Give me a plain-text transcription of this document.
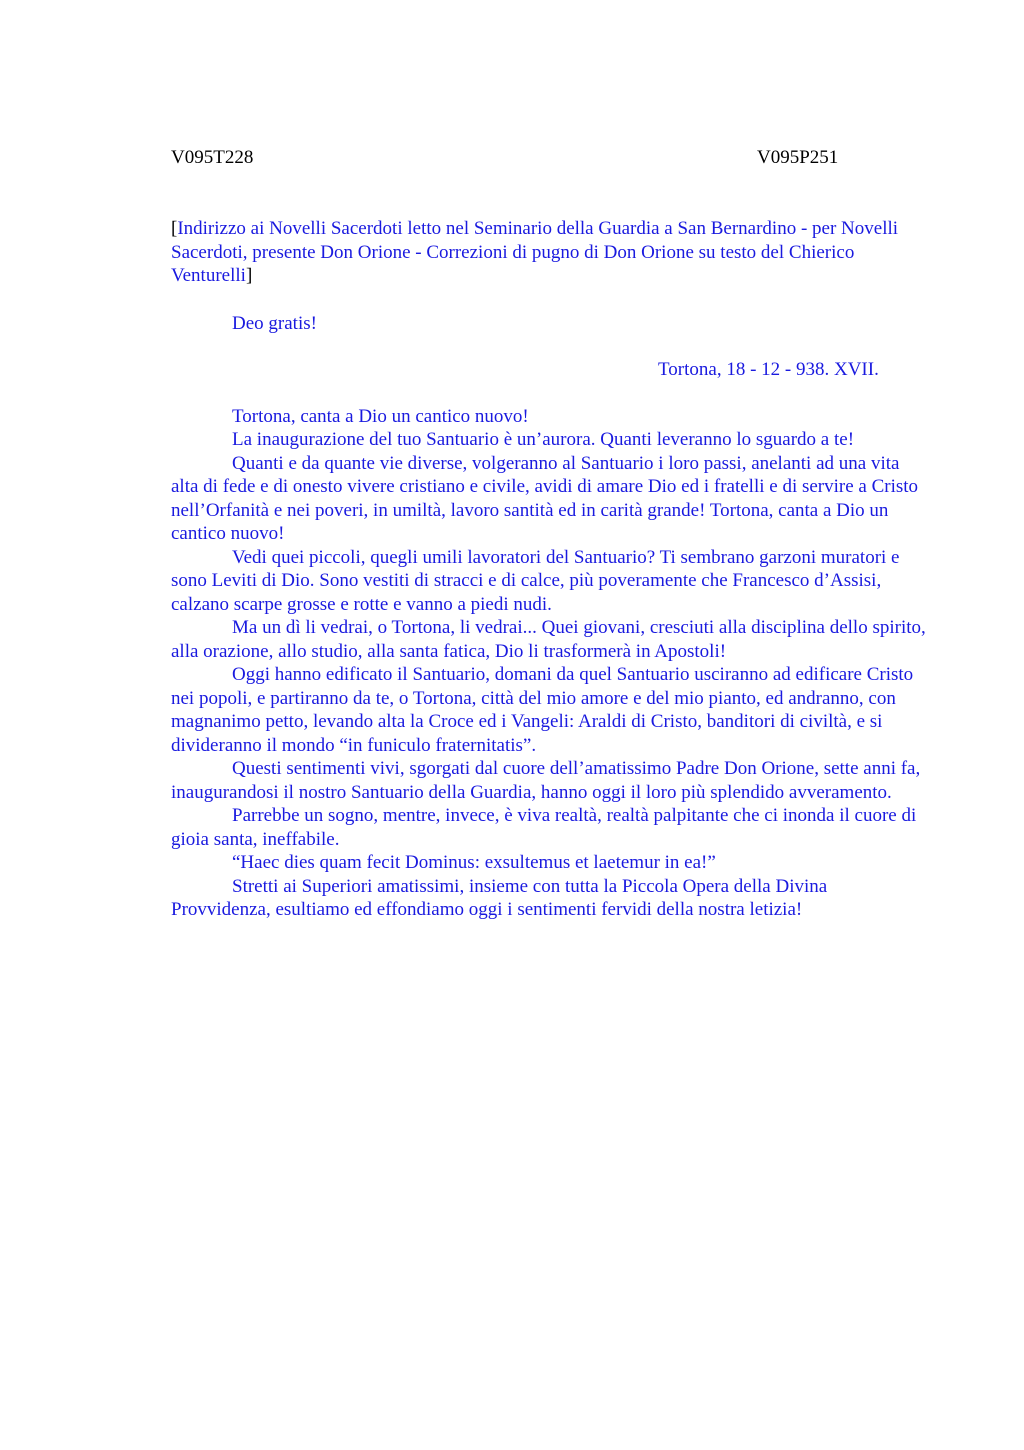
V095T228	V095P251

[Indirizzo ai Novelli Sacerdoti letto nel Seminario della Guardia a San Bernardino - per Novelli Sacerdoti, presente Don Orione - Correzioni di pugno di Don Orione su testo del Chierico Venturelli]

Deo gratis!

Tortona, 18 - 12 - 938. XVII.

Tortona, canta a Dio un cantico nuovo!

La inaugurazione del tuo Santuario è un’aurora. Quanti leveranno lo sguardo a te!

Quanti e da quante vie diverse, volgeranno al Santuario i loro passi, anelanti ad una vita alta di fede e di onesto vivere cristiano e civile, avidi di amare Dio ed i fratelli e di servire a Cristo nell’Orfanità e nei poveri, in umiltà, lavoro santità ed in carità grande! Tortona, canta a Dio un cantico nuovo!

Vedi quei piccoli, quegli umili lavoratori del Santuario? Ti sembrano garzoni muratori e sono Leviti di Dio. Sono vestiti di stracci e di calce, più poveramente che Francesco d’Assisi, calzano scarpe grosse e rotte e vanno a piedi nudi.

Ma un dì li vedrai, o Tortona, li vedrai... Quei giovani, cresciuti alla disciplina dello spirito, alla orazione, allo studio, alla santa fatica, Dio li trasformerà in Apostoli!

Oggi hanno edificato il Santuario, domani da quel Santuario usciranno ad edificare Cristo nei popoli, e partiranno da te, o Tortona, città del mio amore e del mio pianto, ed andranno, con magnanimo petto, levando alta la Croce ed i Vangeli: Araldi di Cristo, banditori di civiltà, e si divideranno il mondo “in funiculo fraternitatis”.

Questi sentimenti vivi, sgorgati dal cuore dell’amatissimo Padre Don Orione, sette anni fa, inaugurandosi il nostro Santuario della Guardia, hanno oggi il loro più splendido avveramento.

Parrebbe un sogno, mentre, invece, è viva realtà, realtà palpitante che ci inonda il cuore di gioia santa, ineffabile.

“Haec dies quam fecit Dominus: exsultemus et laetemur in ea!”

Stretti ai Superiori amatissimi, insieme con tutta la Piccola Opera della Divina Provvidenza, esultiamo ed effondiamo oggi i sentimenti fervidi della nostra letizia!
